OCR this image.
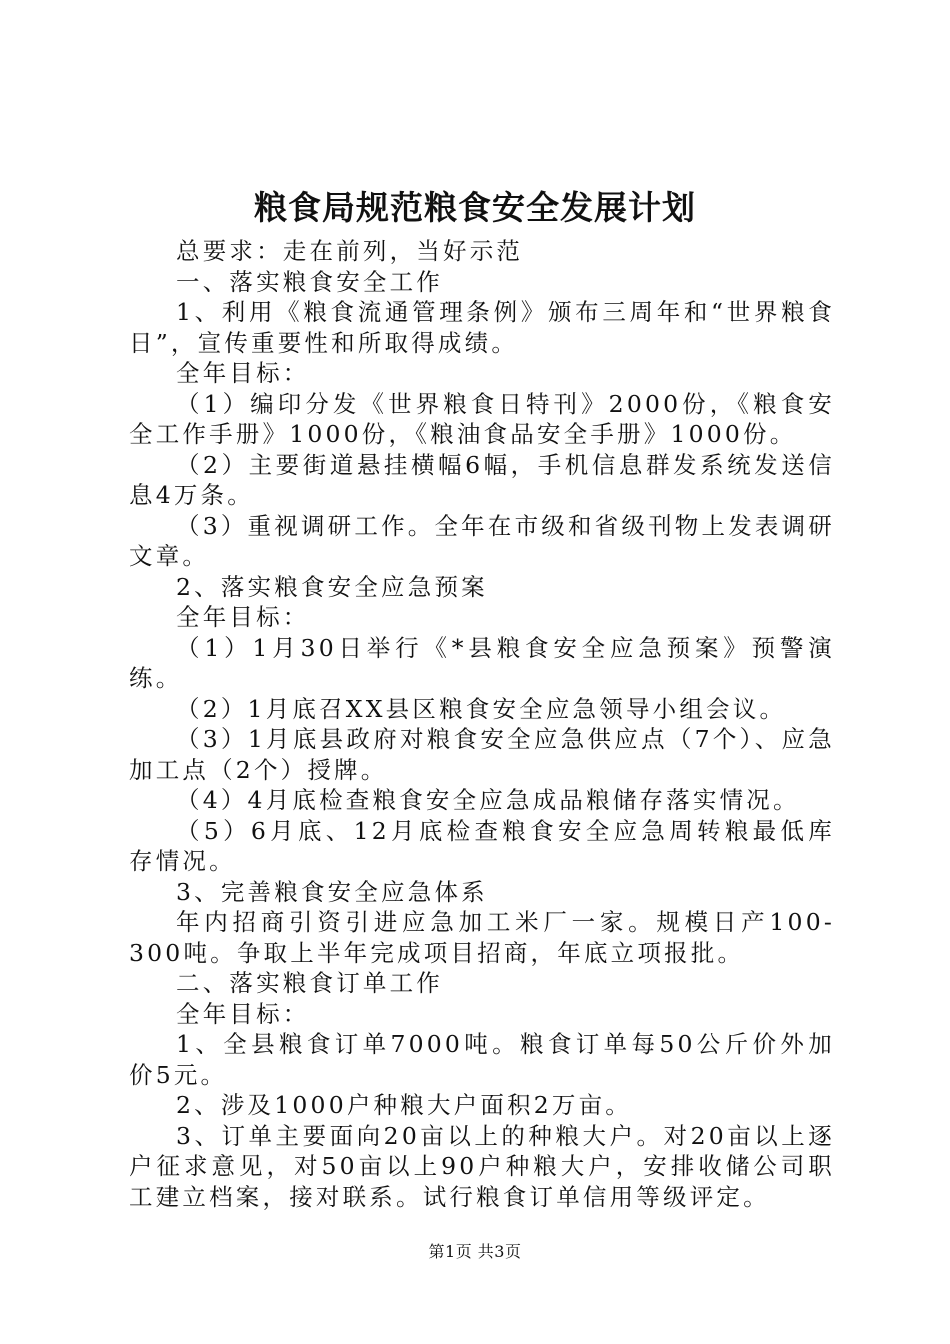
粮食局规范粮食安全发展计划

总要求：走在前列，当好示范

一、落实粮食安全工作

1、利用《粮食流通管理条例》颁布三周年和“世界粮食日”，宣传重要性和所取得成绩。

全年目标：

（1）编印分发《世界粮食日特刊》2000份，《粮食安全工作手册》1000份，《粮油食品安全手册》1000份。

（2）主要街道悬挂横幅6幅，手机信息群发系统发送信息4万条。

（3）重视调研工作。全年在市级和省级刊物上发表调研文章。

2、落实粮食安全应急预案

全年目标：

（1）1月30日举行《*县粮食安全应急预案》预警演练。

（2）1月底召XX县区粮食安全应急领导小组会议。

（3）1月底县政府对粮食安全应急供应点（7个）、应急加工点（2个）授牌。

（4）4月底检查粮食安全应急成品粮储存落实情况。

（5）6月底、12月底检查粮食安全应急周转粮最低库存情况。

3、完善粮食安全应急体系

年内招商引资引进应急加工米厂一家。规模日产100-300吨。争取上半年完成项目招商，年底立项报批。

二、落实粮食订单工作

全年目标：

1、全县粮食订单7000吨。粮食订单每50公斤价外加价5元。

2、涉及1000户种粮大户面积2万亩。

3、订单主要面向20亩以上的种粮大户。对20亩以上逐户征求意见，对50亩以上90户种粮大户，安排收储公司职工建立档案，接对联系。试行粮食订单信用等级评定。

第1页 共3页
